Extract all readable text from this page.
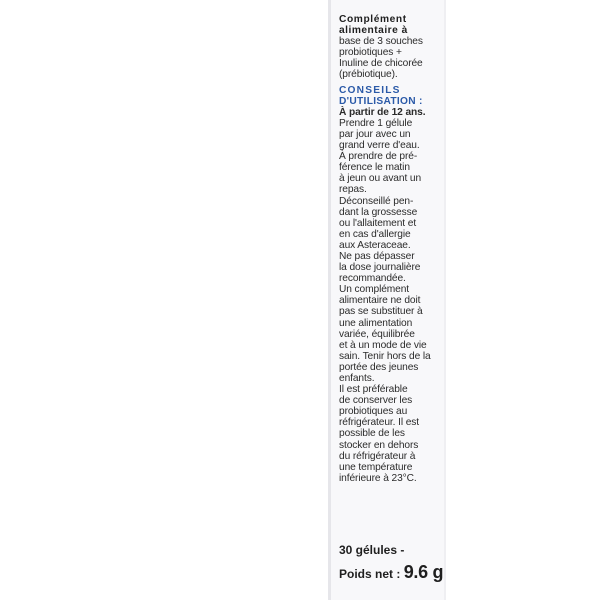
Complément
alimentaire à
base de 3 souches
probiotiques +
Inuline de chicorée
(prébiotique).
CONSEILS
D'UTILISATION :
À partir de 12 ans.
Prendre 1 gélule
par jour avec un
grand verre d'eau.
À prendre de pré-
férence le matin
à jeun ou avant un
repas.
Déconseillé pen-
dant la grossesse
ou l'allaitement et
en cas d'allergie
aux Asteraceae.
Ne pas dépasser
la dose journalière
recommandée.
Un complément
alimentaire ne doit
pas se substituer à
une alimentation
variée, équilibrée
et à un mode de vie
sain. Tenir hors de la
portée des jeunes
enfants.
Il est préférable
de conserver les
probiotiques au
réfrigérateur. Il est
possible de les
stocker en dehors
du réfrigérateur à
une température
inférieure à 23°C.
30 gélules -
Poids net : 9.6 g
